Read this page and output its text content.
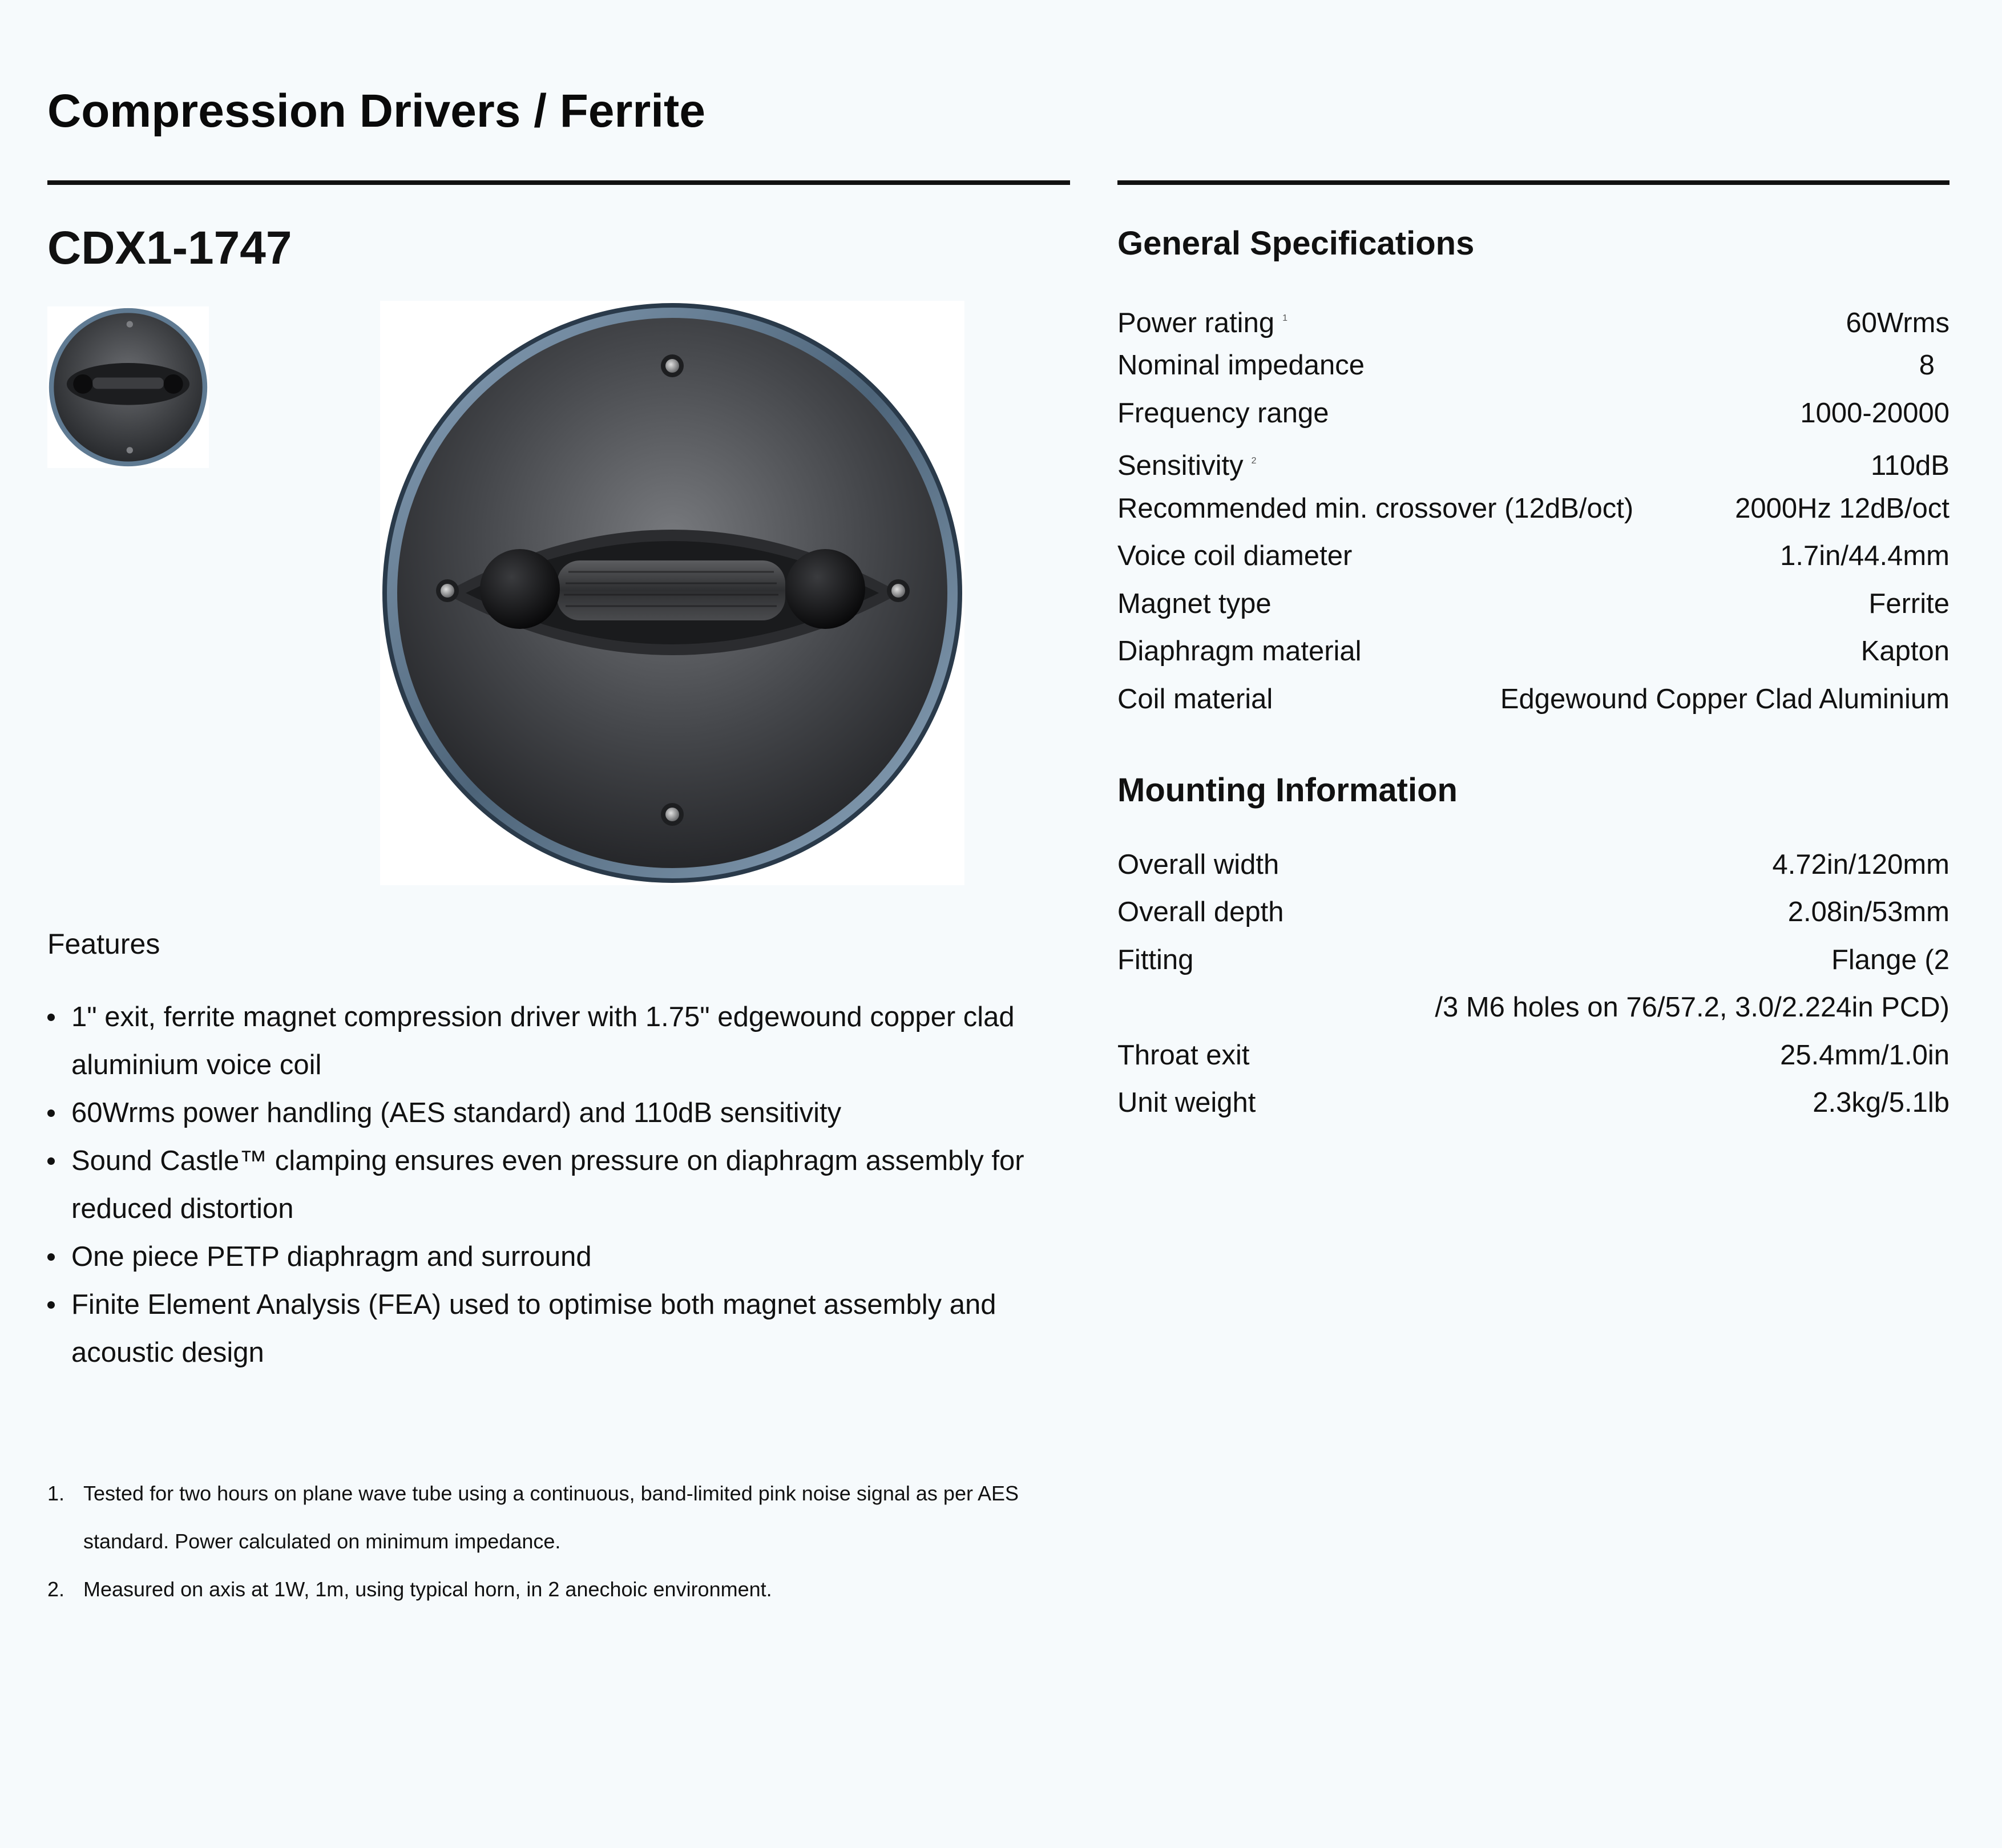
Compression Drivers / Ferrite
CDX1-1747
Features
1" exit, ferrite magnet compression driver with 1.75" edgewound copper clad aluminium voice coil
60Wrms power handling (AES standard) and 110dB sensitivity
Sound Castle™ clamping ensures even pressure on diaphragm assembly for reduced distortion
One piece PETP diaphragm and surround
Finite Element Analysis (FEA) used to optimise both magnet assembly and acoustic design
1. Tested for two hours on plane wave tube using a continuous, band-limited pink noise signal as per AES standard. Power calculated on minimum impedance.
2. Measured on axis at 1W, 1m, using typical horn, in 2 anechoic environment.
General Specifications
Power rating $^1$	60Wrms
Nominal impedance	8
Frequency range	1000-20000
Sensitivity $^2$	110dB
Recommended min. crossover (12dB/oct)	2000Hz 12dB/oct
Voice coil diameter	1.7in/44.4mm
Magnet type	Ferrite
Diaphragm material	Kapton
Coil material	Edgewound Copper Clad Aluminium
Mounting Information
Overall width	4.72in/120mm
Overall depth	2.08in/53mm
Fitting	Flange (2
/3 M6 holes on 76/57.2, 3.0/2.224in PCD)
Throat exit	25.4mm/1.0in
Unit weight	2.3kg/5.1lb
